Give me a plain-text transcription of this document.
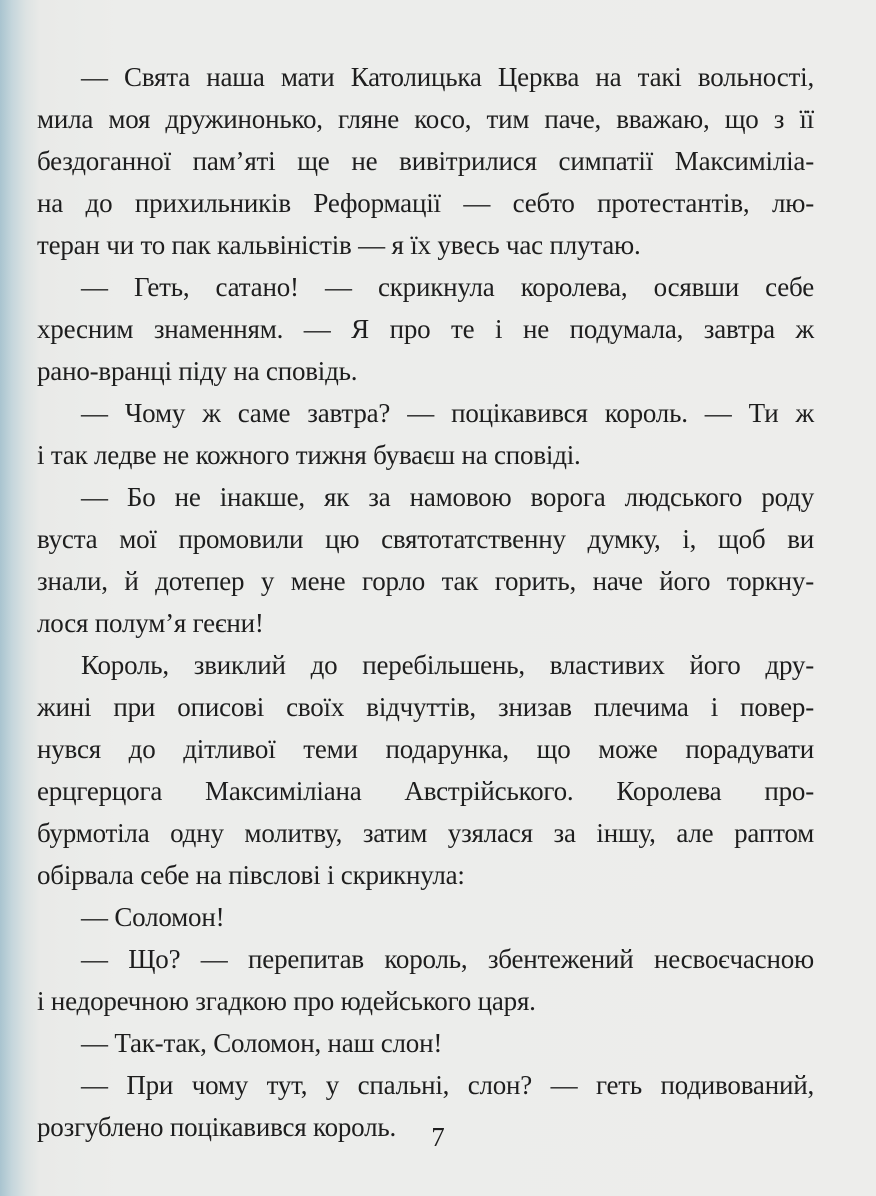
— Свята наша мати Католицька Церква на такі вольності,
мила моя дружинонько, гляне косо, тим паче, вважаю, що з її
бездоганної пам’яті ще не вивітрилися симпатії Максиміліа-
на до прихильників Реформації — себто протестантів, лю-
теран чи то пак кальвіністів — я їх увесь час плутаю.
— Геть, сатано! — скрикнула королева, осявши себе
хресним знаменням. — Я про те і не подумала, завтра ж
рано-вранці піду на сповідь.
— Чому ж саме завтра? — поцікавився король. — Ти ж
і так ледве не кожного тижня буваєш на сповіді.
— Бо не інакше, як за намовою ворога людського роду
вуста мої промовили цю святотатственну думку, і, щоб ви
знали, й дотепер у мене горло так горить, наче його торкну-
лося полум’я геєни!
Король, звиклий до перебільшень, властивих його дру-
жині при описові своїх відчуттів, знизав плечима і повер-
нувся до дітливої теми подарунка, що може порадувати
ерцгерцога Максиміліана Австрійського. Королева про-
бурмотіла одну молитву, затим узялася за іншу, але раптом
обірвала себе на півслові і скрикнула:
— Соломон!
— Що? — перепитав король, збентежений несвоєчасною
і недоречною згадкою про юдейського царя.
— Так-так, Соломон, наш слон!
— При чому тут, у спальні, слон? — геть подивований,
розгублено поцікавився король.	7
